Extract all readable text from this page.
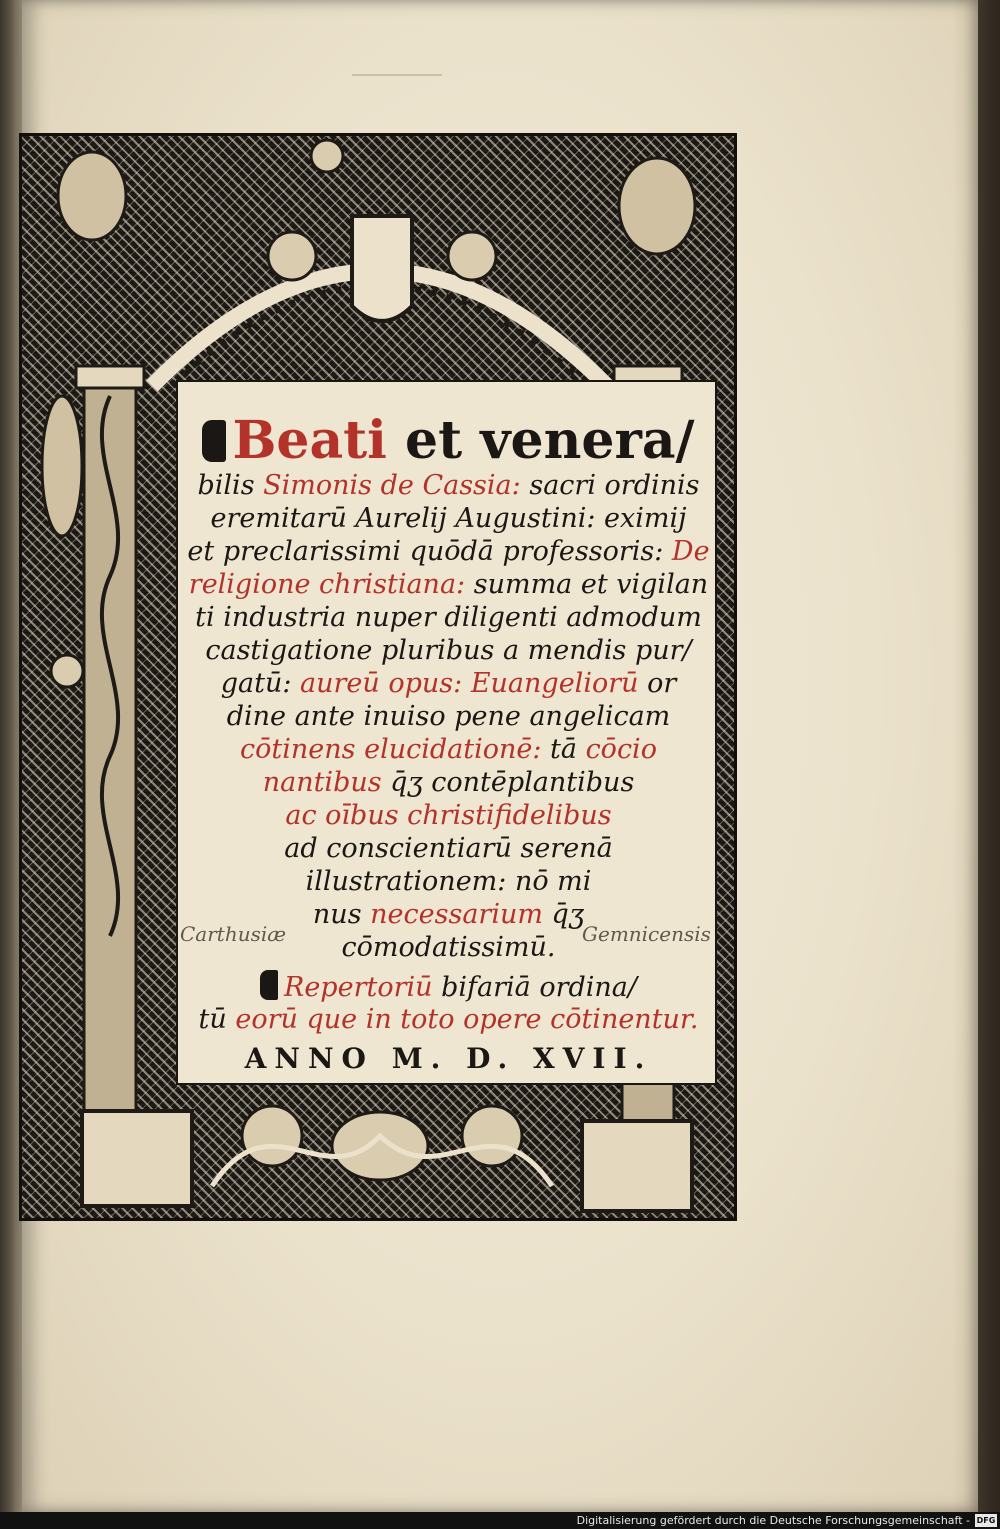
Beati et venera/
bilis Simonis de Cassia: sacri ordinis
eremitarū Aurelij Augustini: eximij
et preclarissimi quōdā professoris: De
religione christiana: summa et vigilan
ti industria nuper diligenti admodum
castigatione pluribus a mendis pur/
gatū: aureū opus: Euangeliorū or
dine ante inuiso pene angelicam
cōtinens elucidationē: tā cōcio
nantibus q̄ʒ contēplantibus
ac oībus christifidelibus
ad conscientiarū serenā
illustrationem: nō mi
nus necessarium q̄ʒ
cōmodatissimū.
Repertoriū bifariā ordina/
tū eorū que in toto opere cōtinentur.
ANNO M. D. XVII.
Carthusiæ	Gemnicensis
Digitalisierung gefördert durch die Deutsche Forschungsgemeinschaft - DFG
